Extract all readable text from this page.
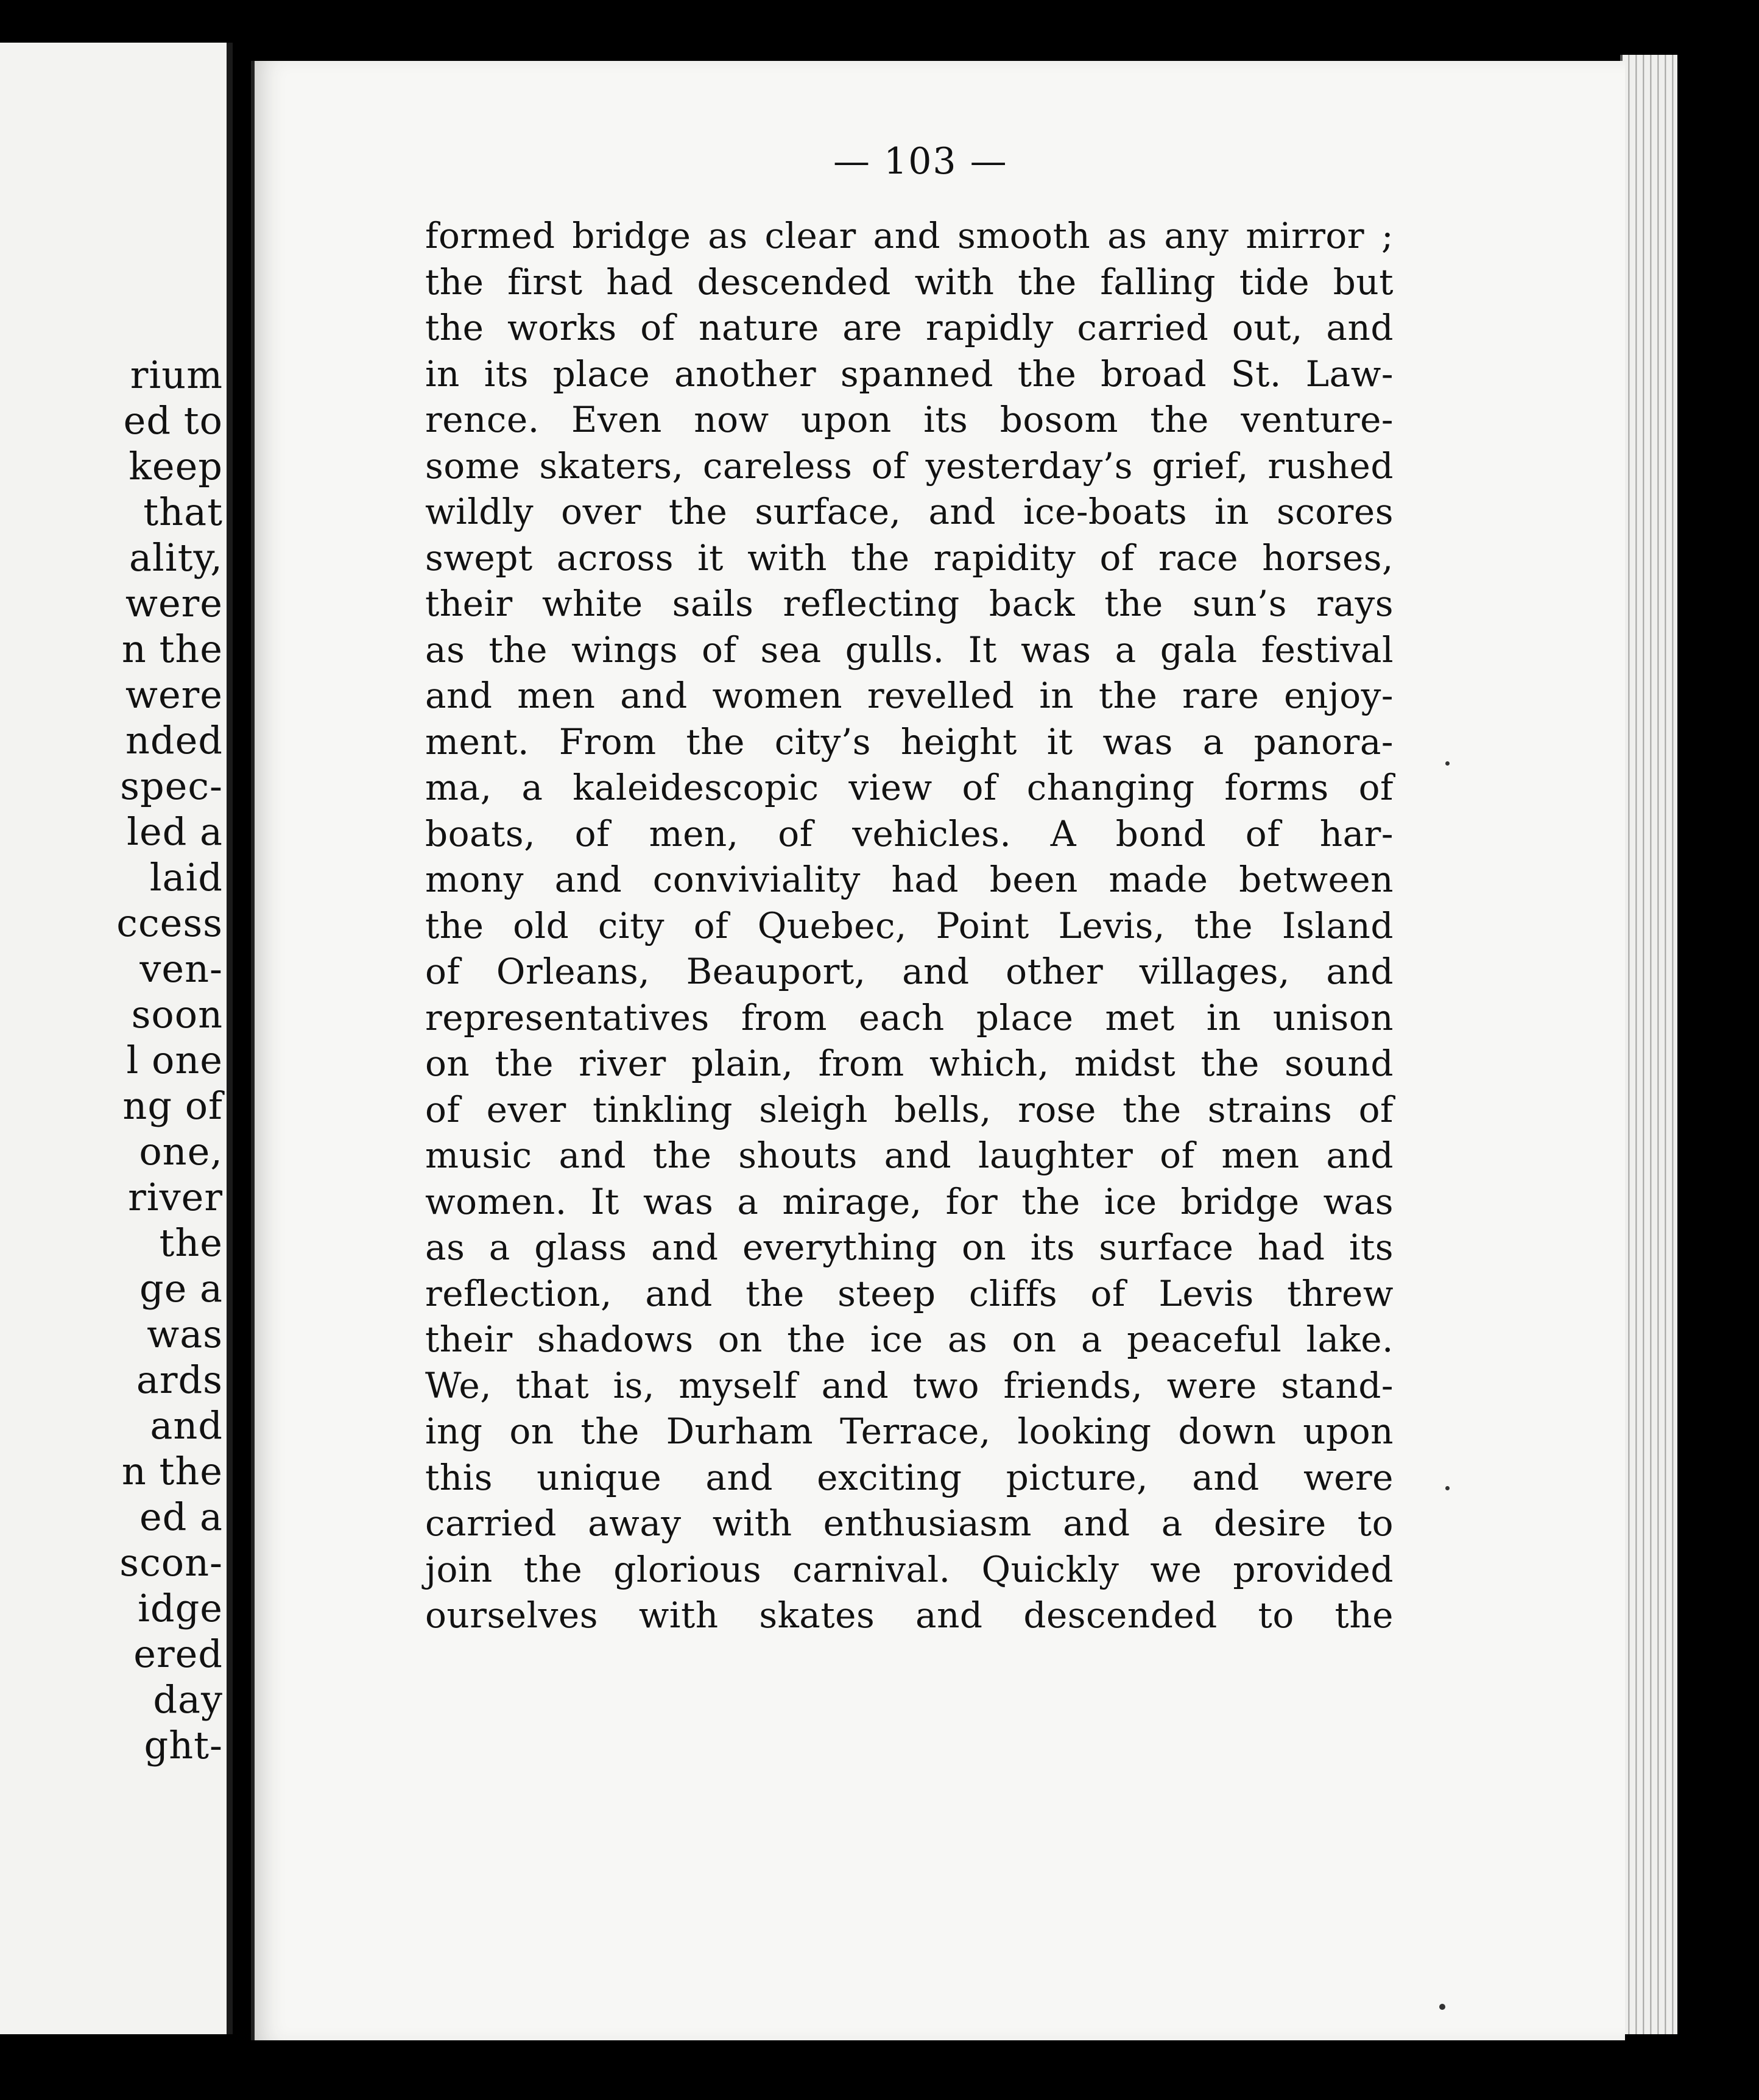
rium
ed to
keep
that
ality,
were
n the
were
nded
spec-
led a
laid
ccess
ven-
soon
l one
ng of
one,
river
the
ge a
was
ards
and
n the
ed a
scon-
idge
ered
day
ght-
— 103 —
formed bridge as clear and smooth as any mirror ;
the first had descended with the falling tide but
the works of nature are rapidly carried out, and
in its place another spanned the broad St. Law-
rence. Even now upon its bosom the venture-
some skaters, careless of yesterday’s grief, rushed
wildly over the surface, and ice-boats in scores
swept across it with the rapidity of race horses,
their white sails reflecting back the sun’s rays
as the wings of sea gulls. It was a gala festival
and men and women revelled in the rare enjoy-
ment. From the city’s height it was a panora-
ma, a kaleidescopic view of changing forms of
boats, of men, of vehicles. A bond of har-
mony and conviviality had been made between
the old city of Quebec, Point Levis, the Island
of Orleans, Beauport, and other villages, and
representatives from each place met in unison
on the river plain, from which, midst the sound
of ever tinkling sleigh bells, rose the strains of
music and the shouts and laughter of men and
women. It was a mirage, for the ice bridge was
as a glass and everything on its surface had its
reflection, and the steep cliffs of Levis threw
their shadows on the ice as on a peaceful lake.
We, that is, myself and two friends, were stand-
ing on the Durham Terrace, looking down upon
this unique and exciting picture, and were
carried away with enthusiasm and a desire to
join the glorious carnival. Quickly we provided
ourselves with skates and descended to the
